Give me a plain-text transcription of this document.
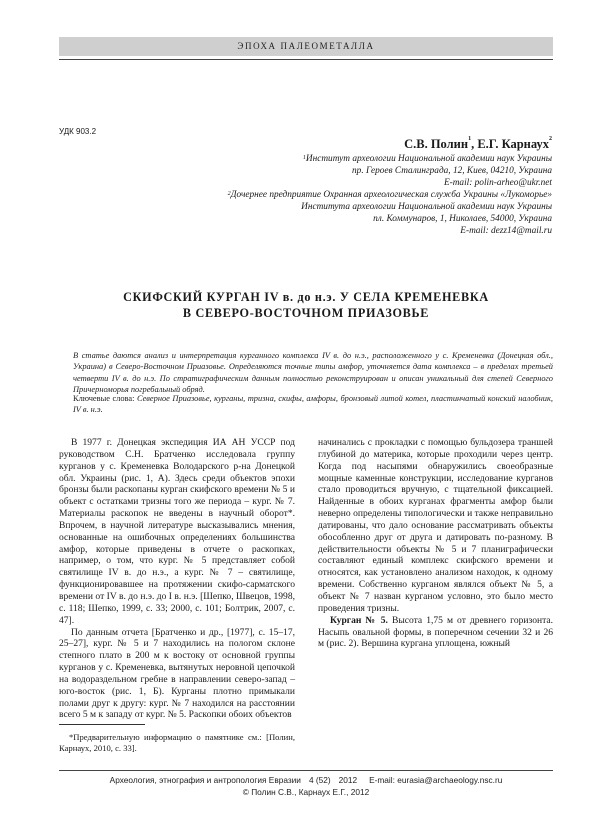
ЭПОХА ПАЛЕОМЕТАЛЛА
УДК 903.2
С.В. Полин$^1$, Е.Г. Карнаух$^2$
$^1$Институт археологии Национальной академии наук Украины
пр. Героев Сталинграда, 12, Киев, 04210, Украина
E-mail: polin-arheo@ukr.net
$^2$Дочернее предприятие Охранная археологическая служба Украины «Лукоморье»
Института археологии Национальной академии наук Украины
пл. Коммунаров, 1, Николаев, 54000, Украина
E-mail: dezz14@mail.ru
СКИФСКИЙ КУРГАН IV в. до н.э. У СЕЛА КРЕМЕНЕВКА
В СЕВЕРО-ВОСТОЧНОМ ПРИАЗОВЬЕ
В статье даются анализ и интерпретация курганного комплекса IV в. до н.э., расположенного у с. Кременевка (Донецкая обл., Украина) в Северо-Восточном Приазовье. Определяются точные типы амфор, уточняется дата комплекса – в пределах третьей четверти IV в. до н.э. По стратиграфическим данным полностью реконструирован и описан уникальный для степей Северного Причерноморья погребальный обряд.
Ключевые слова: Северное Приазовье, курганы, тризна, скифы, амфоры, бронзовый литой котел, пластинчатый конский налобник, IV в. н.э.

В 1977 г. Донецкая экспедиция ИА АН УССР под руководством С.Н. Братченко исследовала группу курганов у с. Кременевка Володарского р-на Донецкой обл. Украины (рис. 1, А). Здесь среди объектов эпохи бронзы были раскопаны курган скифского времени № 5 и объект с остатками тризны того же периода – кург. № 7. Материалы раскопок не введены в научный оборот*. Впрочем, в научной литературе высказывались мнения, основанные на ошибочных определениях большинства амфор, которые приведены в отчете о раскопках, например, о том, что кург. № 5 представляет собой святилище IV в. до н.э., а кург. № 7 – святилище, функционировавшее на протяжении скифо-сарматского времени от IV в. до н.э. до I в. н.э. [Шепко, Швецов, 1998, с. 118; Шепко, 1999, с. 33; 2000, с. 101; Болтрик, 2007, с. 47].

По данным отчета [Братченко и др., [1977], с. 15–17, 25–27], кург. № 5 и 7 находились на пологом склоне степного плато в 200 м к востоку от основной группы курганов у с. Кременевка, вытянутых неровной цепочкой на водораздельном гребне в направлении северо-запад – юго-восток (рис. 1, Б). Курганы плотно примыкали полами друг к другу: кург. № 7 находился на расстоянии всего 5 м к западу от кург. № 5. Раскопки обоих объектов

начинались с прокладки с помощью бульдозера траншей глубиной до материка, которые проходили через центр. Когда под насыпями обнаружились своеобразные мощные каменные конструкции, исследование курганов стало проводиться вручную, с тщательной фиксацией. Найденные в обоих курганах фрагменты амфор были неверно определены типологически и также неправильно датированы, что дало основание рассматривать объекты обособленно друг от друга и датировать по-разному. В действительности объекты № 5 и 7 планиграфически составляют единый комплекс скифского времени и относятся, как установлено анализом находок, к одному времени. Собственно курганом являлся объект № 5, а объект № 7 назван курганом условно, это было место проведения тризны.

Курган № 5. Высота 1,75 м от древнего горизонта. Насыпь овальной формы, в поперечном сечении 32 и 26 м (рис. 2). Вершина кургана уплощена, южный

*Предварительную информацию о памятнике см.: [Полин, Карнаух, 2010, с. 33].
Археология, этнография и антропология Евразии 4 (52) 2012 E-mail: eurasia@archaeology.nsc.ru
© Полин С.В., Карнаух Е.Г., 2012
